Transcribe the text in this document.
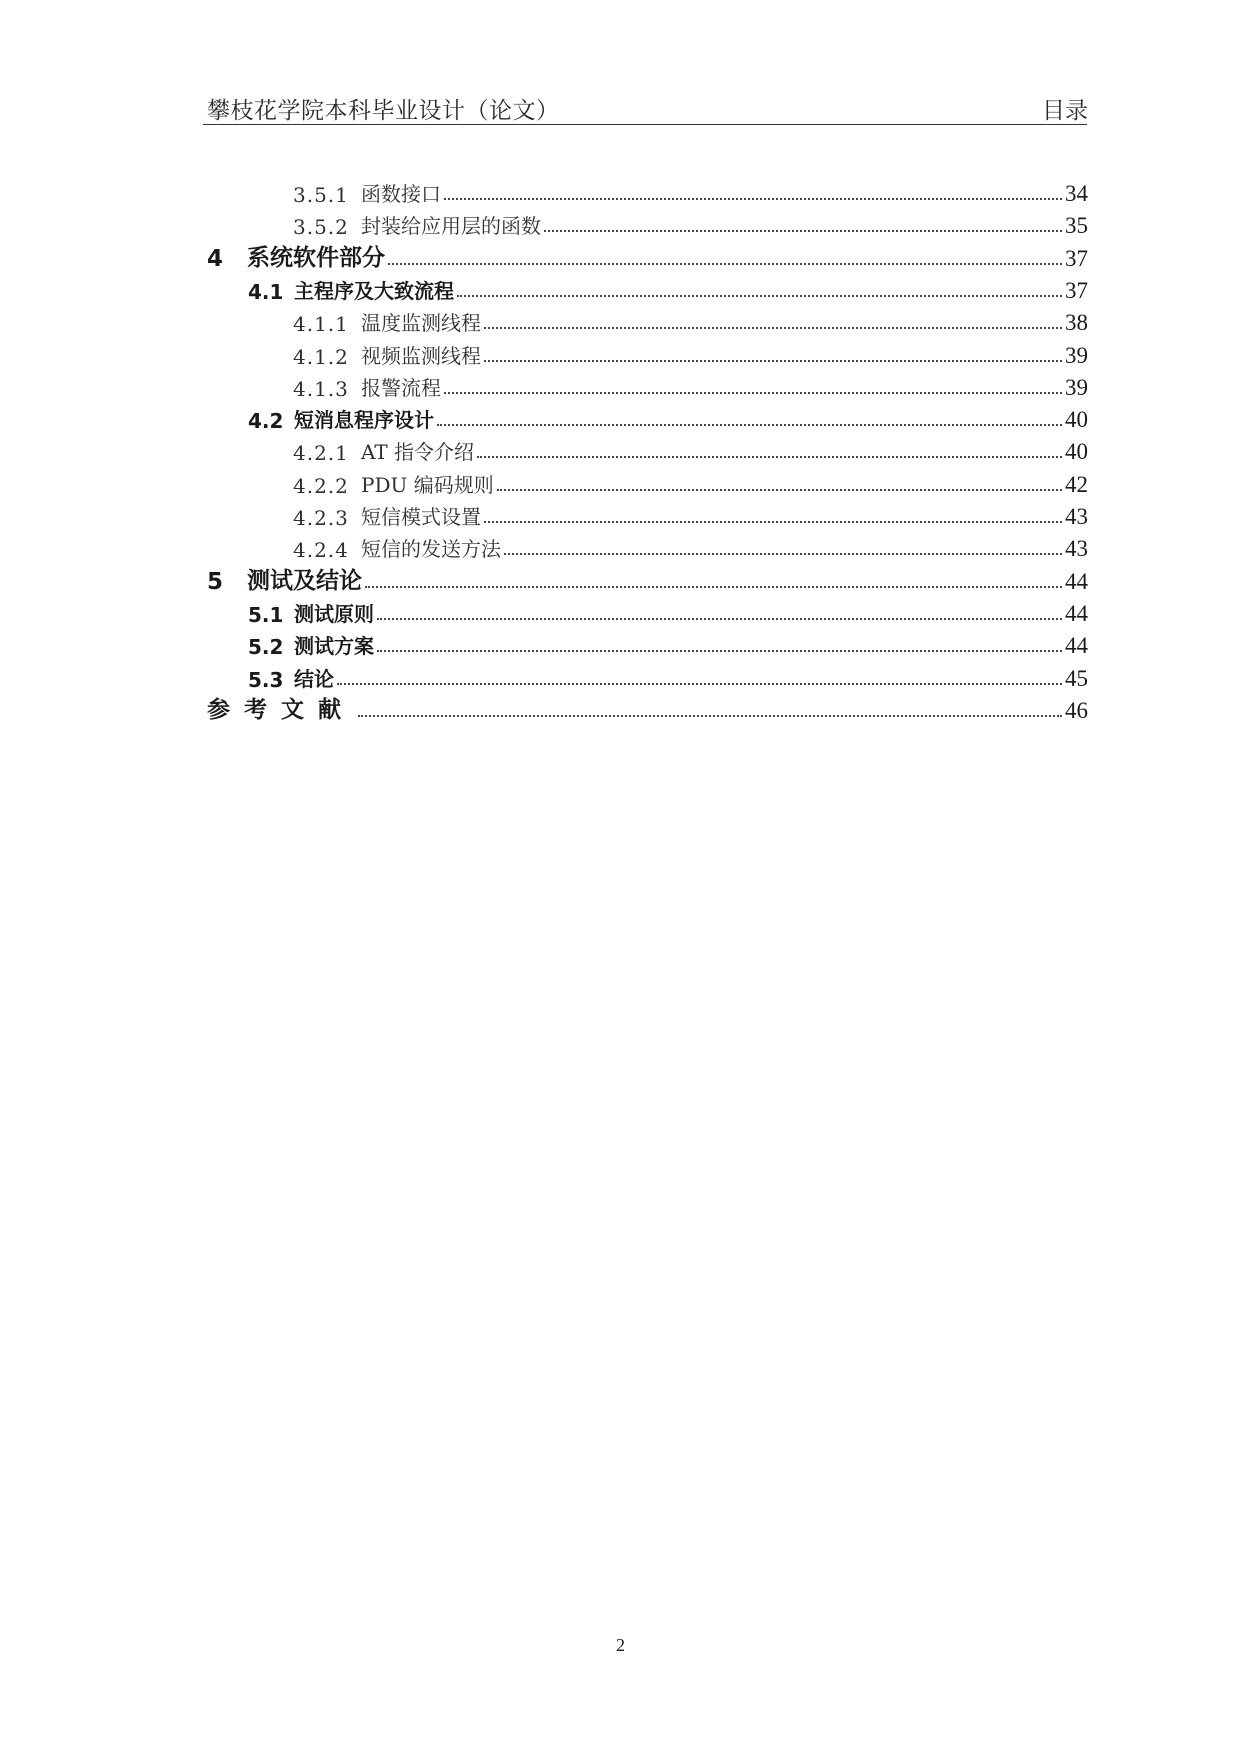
攀枝花学院本科毕业设计（论文）	目录
3.5.1 函数接口	34
3.5.2 封装给应用层的函数	35
4	系统软件部分	37
4.1 主程序及大致流程	37
4.1.1 温度监测线程	38
4.1.2 视频监测线程	39
4.1.3 报警流程	39
4.2 短消息程序设计	40
4.2.1 AT 指令介绍	40
4.2.2 PDU 编码规则	42
4.2.3 短信模式设置	43
4.2.4 短信的发送方法	43
5	测试及结论	44
5.1 测试原则	44
5.2 测试方案	44
5.3 结论	45
参考文献	46
2
